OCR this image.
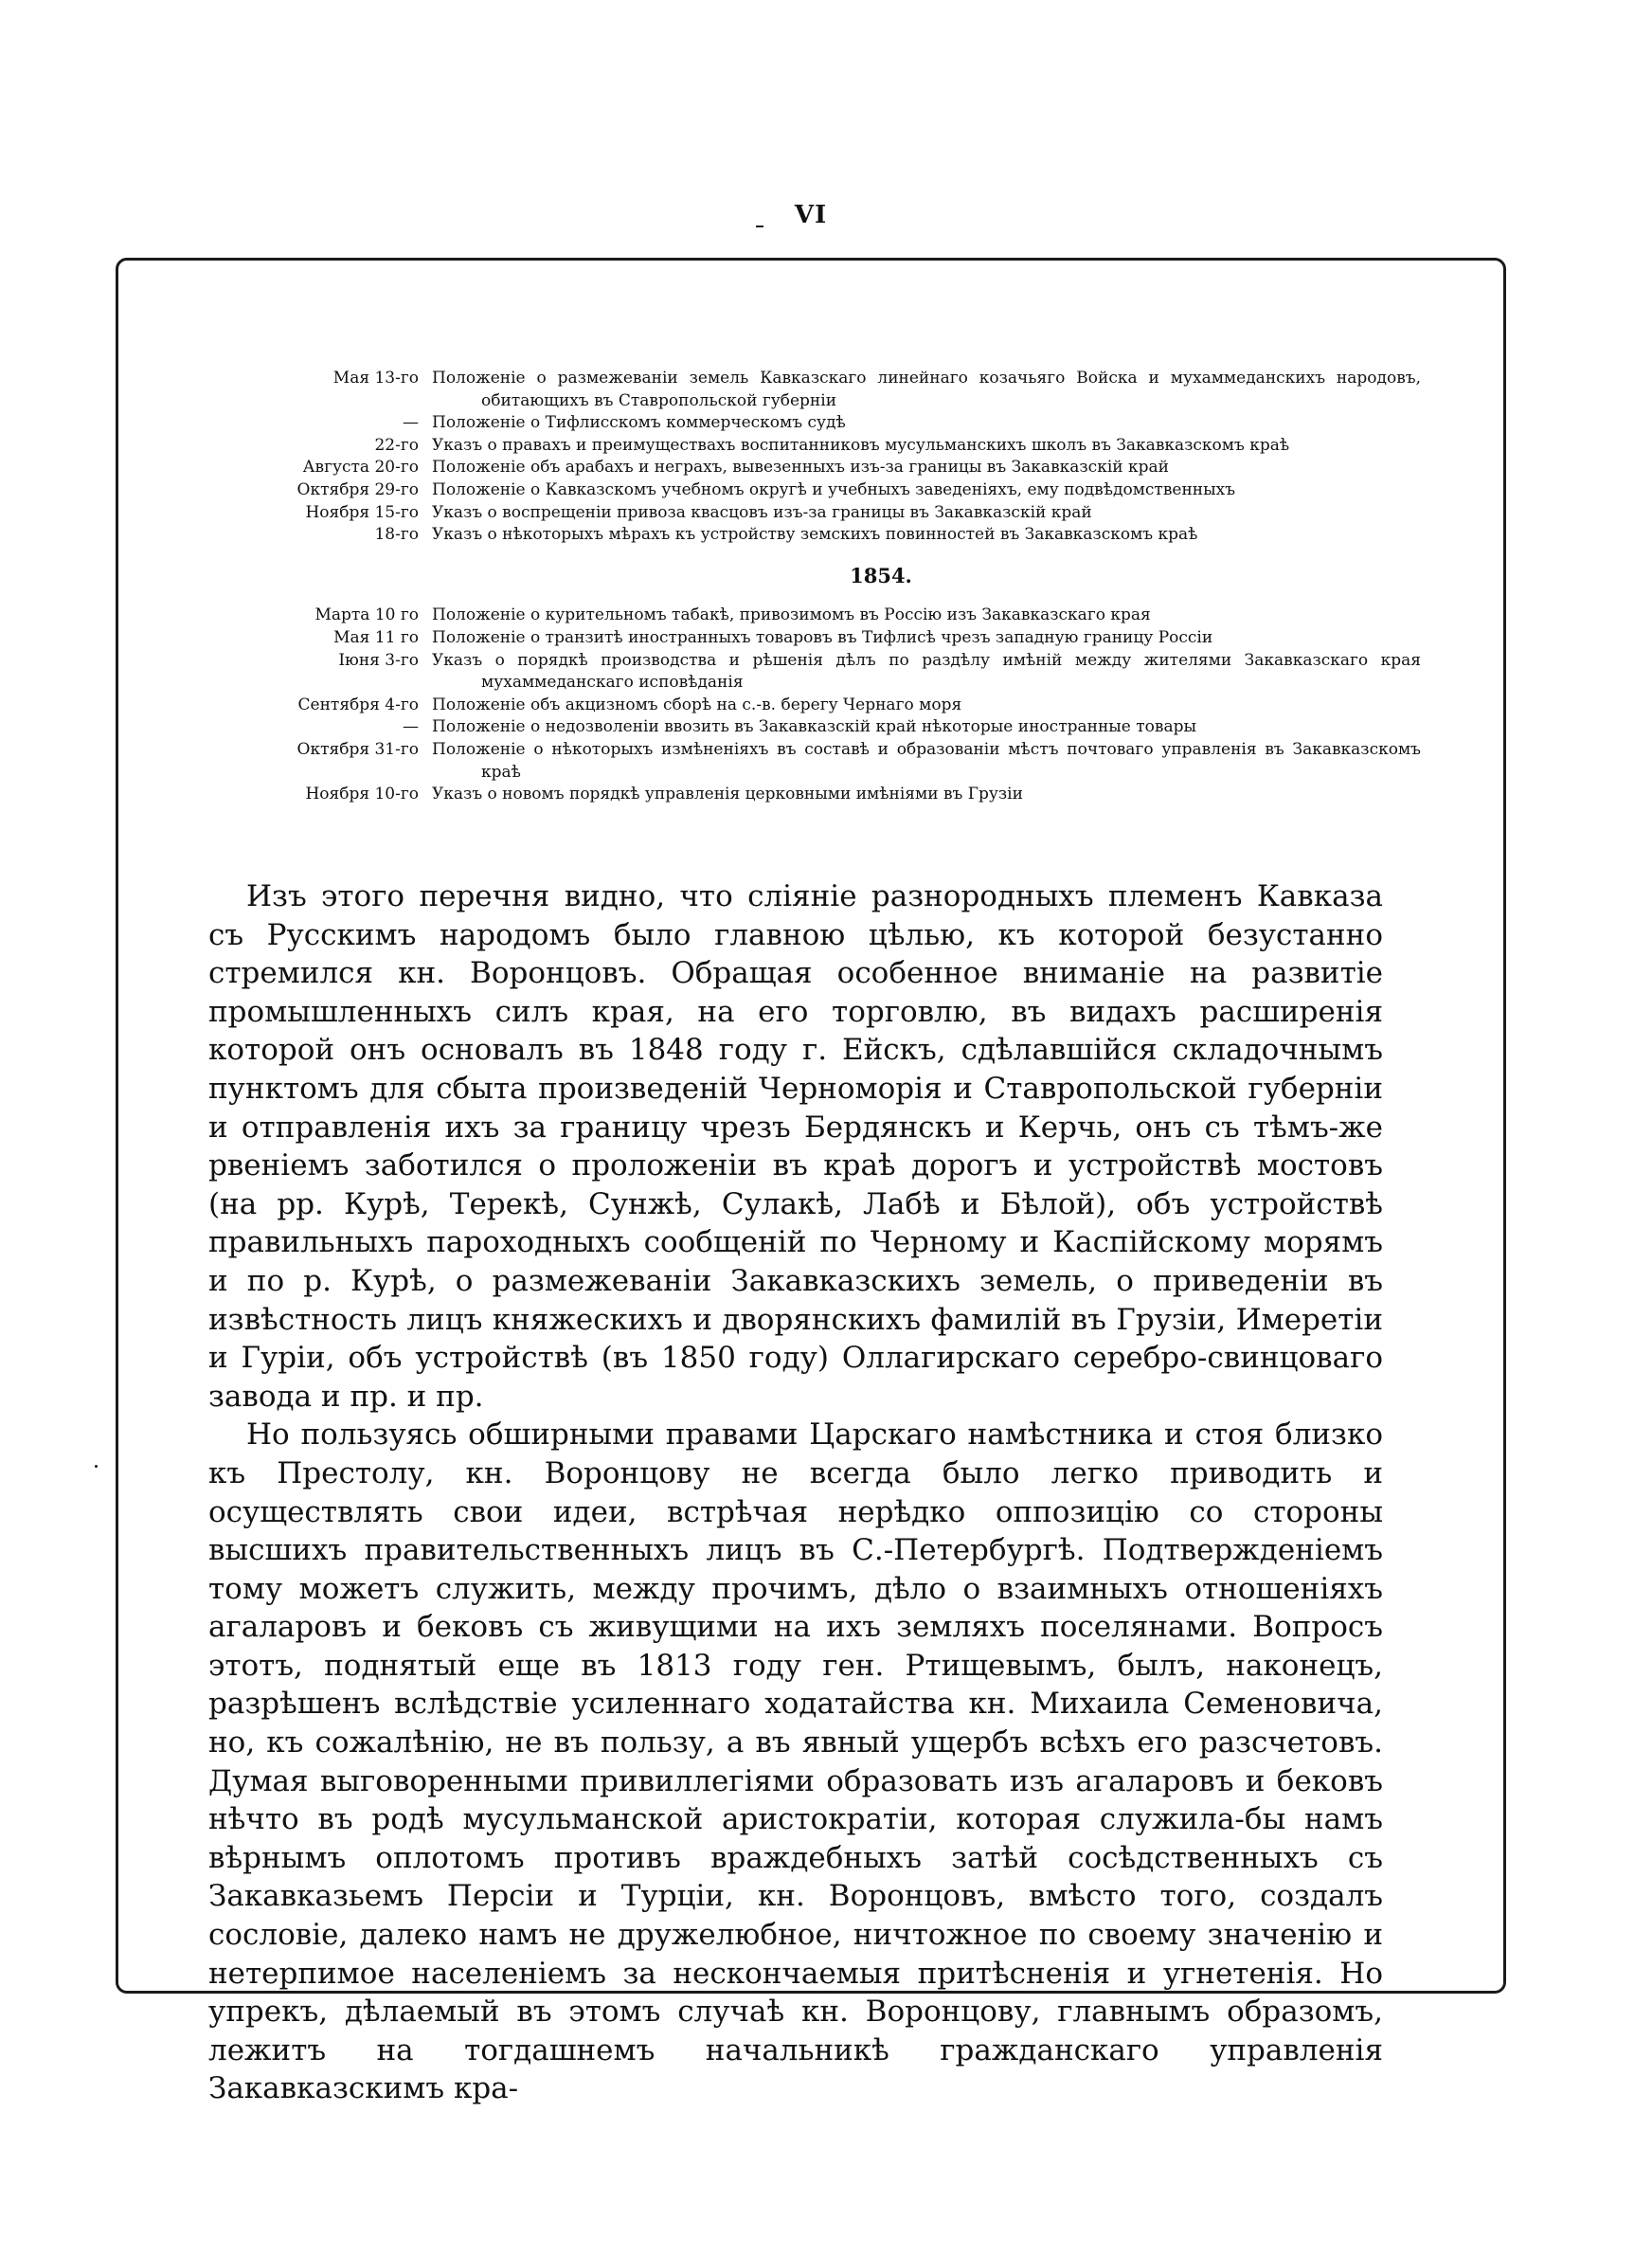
VI
Мая 13-го Положеніе о размежеваніи земель Кавказскаго линейнаго козачьяго Войска и мухаммеданскихъ народовъ, обитающихъ въ Ставропольской губерніи
— Положеніе о Тифлисскомъ коммерческомъ судѣ
22-го Указъ о правахъ и преимуществахъ воспитанниковъ мусульманскихъ школъ въ Закавказскомъ краѣ
Августа 20-го Положеніе объ арабахъ и неграхъ, вывезенныхъ изъ-за границы въ Закавказскій край
Октября 29-го Положеніе о Кавказскомъ учебномъ округѣ и учебныхъ заведеніяхъ, ему подвѣдомственныхъ
Ноября 15-го Указъ о воспрещеніи привоза квасцовъ изъ-за границы въ Закавказскій край
18-го Указъ о нѣкоторыхъ мѣрахъ къ устройству земскихъ повинностей въ Закавказскомъ краѣ
1854.
Марта 10 го Положеніе о курительномъ табакѣ, привозимомъ въ Россію изъ Закавказскаго края
Мая 11 го Положеніе о транзитѣ иностранныхъ товаровъ въ Тифлисѣ чрезъ западную границу Россіи
Іюня 3-го Указъ о порядкѣ производства и рѣшенія дѣлъ по раздѣлу имѣній между жителями Закавказскаго края мухаммеданскаго исповѣданія
Сентября 4-го Положеніе объ акцизномъ сборѣ на с.-в. берегу Чернаго моря
— Положеніе о недозволеніи ввозить въ Закавказскій край нѣкоторые иностранные товары
Октября 31-го Положеніе о нѣкоторыхъ измѣненіяхъ въ составѣ и образованіи мѣстъ почтоваго управленія въ Закавказскомъ краѣ
Ноября 10-го Указъ о новомъ порядкѣ управленія церковными имѣніями въ Грузіи

Изъ этого перечня видно, что сліяніе разнородныхъ племенъ Кавказа съ Русскимъ народомъ было главною цѣлью, къ которой безустанно стремился кн. Воронцовъ. Обращая особенное вниманіе на развитіе промышленныхъ силъ края, на его торговлю, въ видахъ расширенія которой онъ основалъ въ 1848 году г. Ейскъ, сдѣлавшійся складочнымъ пунктомъ для сбыта произведеній Черноморія и Ставропольской губерніи и отправленія ихъ за границу чрезъ Бердянскъ и Керчь, онъ съ тѣмъ-же рвеніемъ заботился о проложеніи въ краѣ дорогъ и устройствѣ мостовъ (на рр. Курѣ, Терекѣ, Сунжѣ, Сулакѣ, Лабѣ и Бѣлой), объ устройствѣ правильныхъ пароходныхъ сообщеній по Черному и Каспійскому морямъ и по р. Курѣ, о размежеваніи Закавказскихъ земель, о приведеніи въ извѣстность лицъ княжескихъ и дворянскихъ фамилій въ Грузіи, Имеретіи и Гуріи, объ устройствѣ (въ 1850 году) Оллагирскаго серебро-свинцоваго завода и пр. и пр.

Но пользуясь обширными правами Царскаго намѣстника и стоя близко къ Престолу, кн. Воронцову не всегда было легко приводить и осуществлять свои идеи, встрѣчая нерѣдко оппозицію со стороны высшихъ правительственныхъ лицъ въ С.-Петербургѣ. Подтвержденіемъ тому можетъ служить, между прочимъ, дѣло о взаимныхъ отношеніяхъ агаларовъ и бековъ съ живущими на ихъ земляхъ поселянами. Вопросъ этотъ, поднятый еще въ 1813 году ген. Ртищевымъ, былъ, наконецъ, разрѣшенъ вслѣдствіе усиленнаго ходатайства кн. Михаила Семеновича, но, къ сожалѣнію, не въ пользу, а въ явный ущербъ всѣхъ его разсчетовъ. Думая выговоренными привиллегіями образовать изъ агаларовъ и бековъ нѣчто въ родѣ мусульманской аристократіи, которая служила-бы намъ вѣрнымъ оплотомъ противъ враждебныхъ затѣй сосѣдственныхъ съ Закавказьемъ Персіи и Турціи, кн. Воронцовъ, вмѣсто того, создалъ сословіе, далеко намъ не дружелюбное, ничтожное по своему значенію и нетерпимое населеніемъ за нескончаемыя притѣсненія и угнетенія. Но упрекъ, дѣлаемый въ этомъ случаѣ кн. Воронцову, главнымъ образомъ, лежитъ на тогдашнемъ начальникѣ гражданскаго управленія Закавказскимъ кра-
